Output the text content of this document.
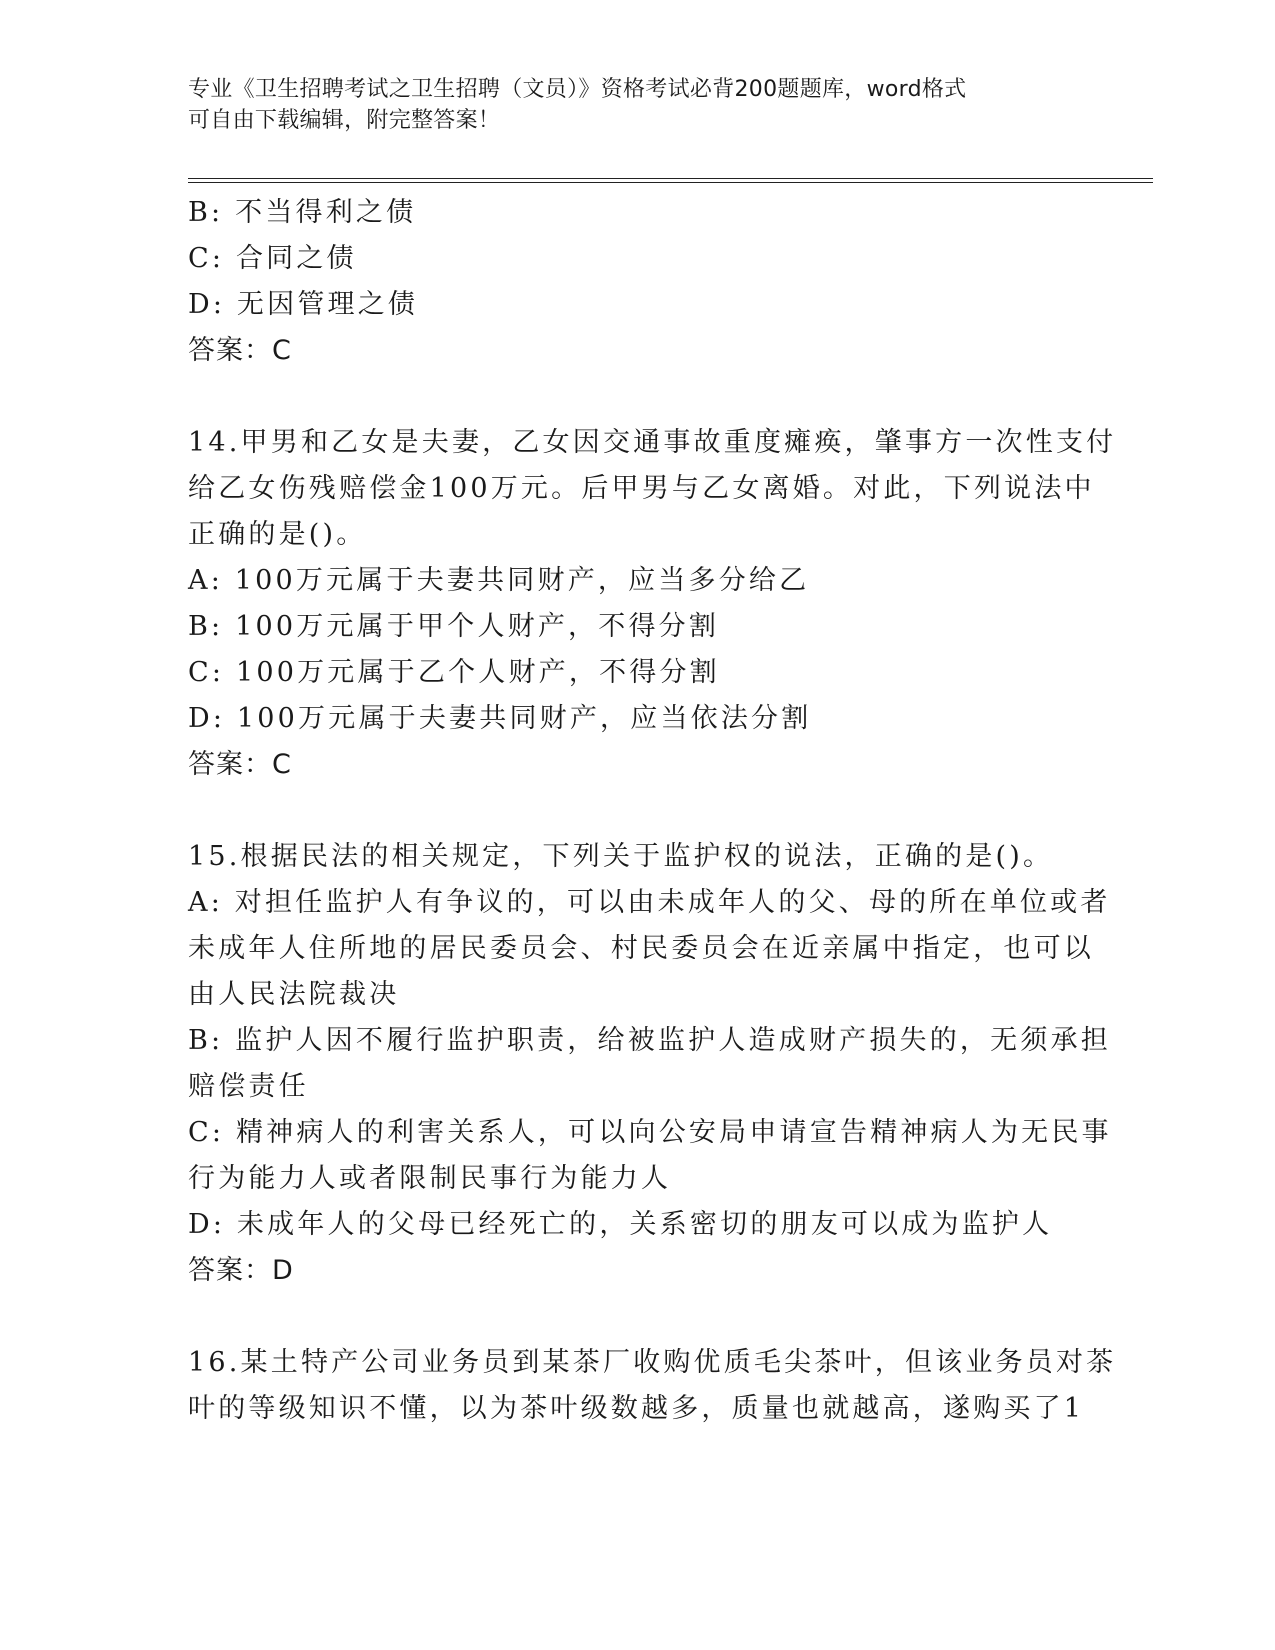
专业《卫生招聘考试之卫生招聘（文员）》资格考试必背200题题库，word格式
可自由下载编辑，附完整答案！
B: 不当得利之债
C: 合同之债
D: 无因管理之债
答案：C
14.甲男和乙女是夫妻，乙女因交通事故重度瘫痪，肇事方一次性支付
给乙女伤残赔偿金100万元。后甲男与乙女离婚。对此，下列说法中
正确的是()。
A: 100万元属于夫妻共同财产，应当多分给乙
B: 100万元属于甲个人财产，不得分割
C: 100万元属于乙个人财产，不得分割
D: 100万元属于夫妻共同财产，应当依法分割
答案：C
15.根据民法的相关规定，下列关于监护权的说法，正确的是()。
A: 对担任监护人有争议的，可以由未成年人的父、母的所在单位或者
未成年人住所地的居民委员会、村民委员会在近亲属中指定，也可以
由人民法院裁决
B: 监护人因不履行监护职责，给被监护人造成财产损失的，无须承担
赔偿责任
C: 精神病人的利害关系人，可以向公安局申请宣告精神病人为无民事
行为能力人或者限制民事行为能力人
D: 未成年人的父母已经死亡的，关系密切的朋友可以成为监护人
答案：D
16.某土特产公司业务员到某茶厂收购优质毛尖茶叶，但该业务员对茶
叶的等级知识不懂，以为茶叶级数越多，质量也就越高，遂购买了1
